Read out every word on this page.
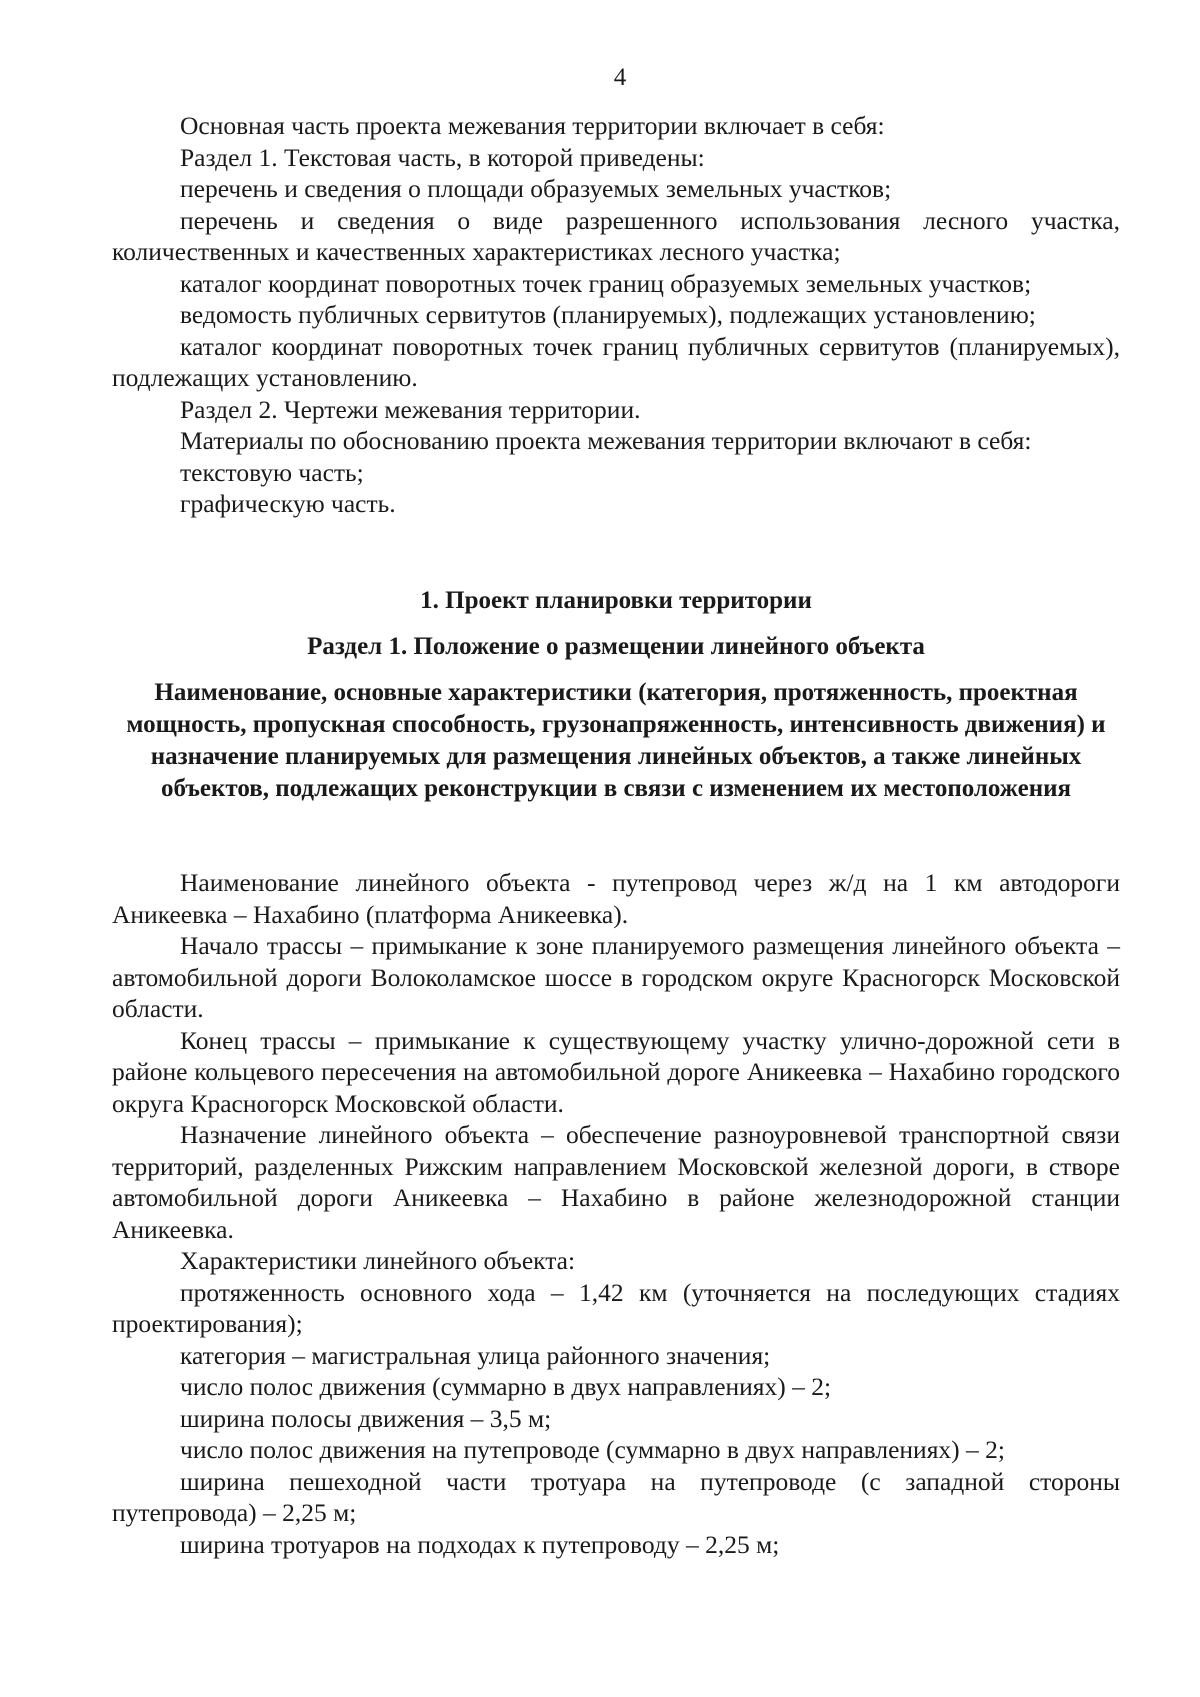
4

Основная часть проекта межевания территории включает в себя:

Раздел 1. Текстовая часть, в которой приведены:

перечень и сведения о площади образуемых земельных участков;

перечень и сведения о виде разрешенного использования лесного участка, количественных и качественных характеристиках лесного участка;

каталог координат поворотных точек границ образуемых земельных участков;

ведомость публичных сервитутов (планируемых), подлежащих установлению;

каталог координат поворотных точек границ публичных сервитутов (планируемых), подлежащих установлению.

Раздел 2. Чертежи межевания территории.

Материалы по обоснованию проекта межевания территории включают в себя:

текстовую часть;

графическую часть.

1. Проект планировки территории

Раздел 1. Положение о размещении линейного объекта

Наименование, основные характеристики (категория, протяженность, проектная мощность, пропускная способность, грузонапряженность, интенсивность движения) и назначение планируемых для размещения линейных объектов, а также линейных объектов, подлежащих реконструкции в связи с изменением их местоположения

Наименование линейного объекта - путепровод через ж/д на 1 км автодороги Аникеевка – Нахабино (платформа Аникеевка).

Начало трассы – примыкание к зоне планируемого размещения линейного объекта – автомобильной дороги Волоколамское шоссе в городском округе Красногорск Московской области.

Конец трассы – примыкание к существующему участку улично-дорожной сети в районе кольцевого пересечения на автомобильной дороге Аникеевка – Нахабино городского округа Красногорск Московской области.

Назначение линейного объекта – обеспечение разноуровневой транспортной связи территорий, разделенных Рижским направлением Московской железной дороги, в створе автомобильной дороги Аникеевка – Нахабино в районе железнодорожной станции Аникеевка.

Характеристики линейного объекта:

протяженность основного хода – 1,42 км (уточняется на последующих стадиях проектирования);

категория – магистральная улица районного значения;

число полос движения (суммарно в двух направлениях) – 2;

ширина полосы движения – 3,5 м;

число полос движения на путепроводе (суммарно в двух направлениях) – 2;

ширина пешеходной части тротуара на путепроводе (с западной стороны путепровода) – 2,25 м;

ширина тротуаров на подходах к путепроводу – 2,25 м;
